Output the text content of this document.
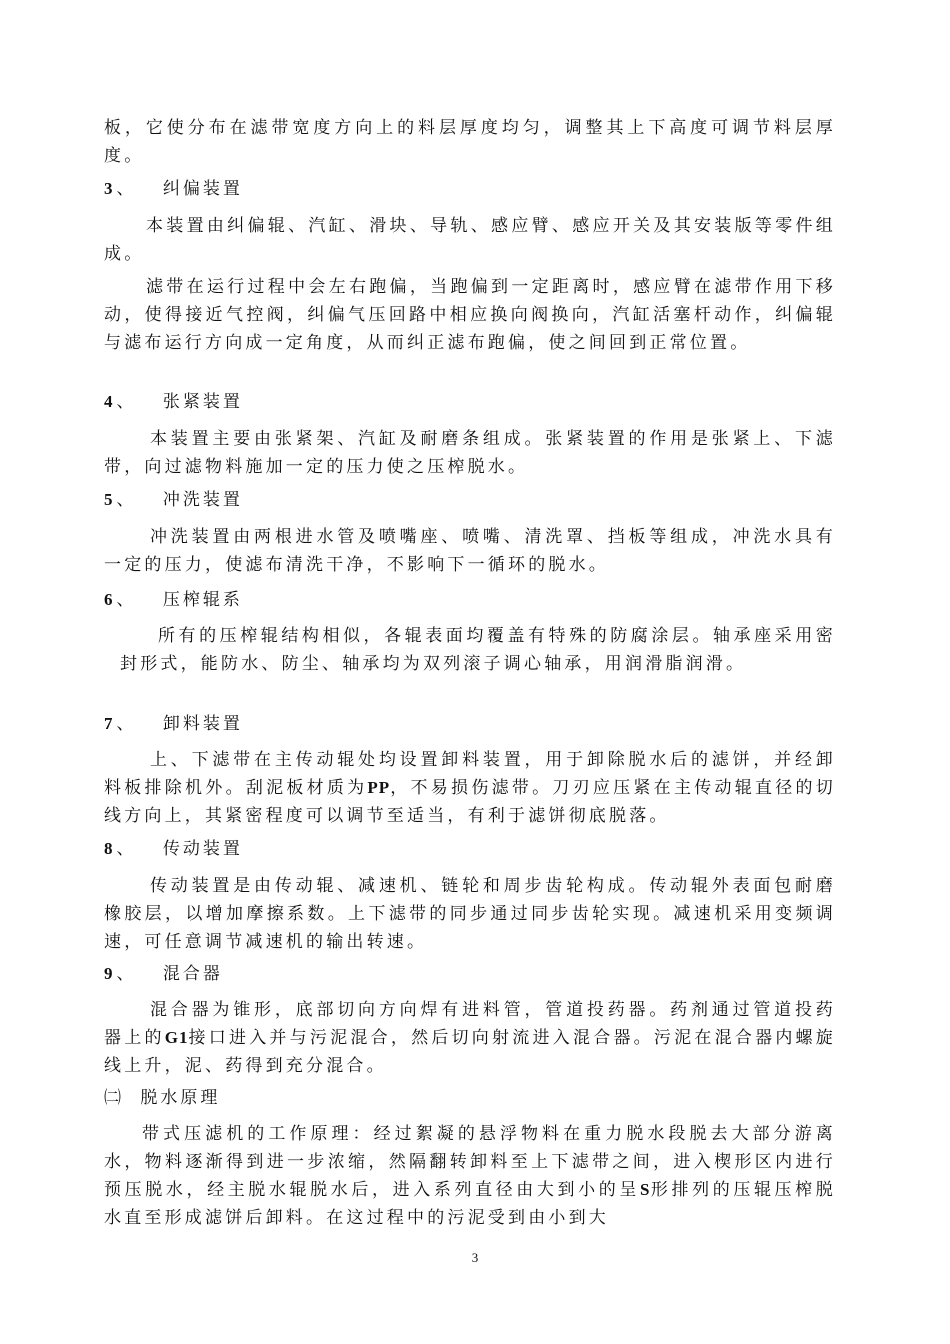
板，它使分布在滤带宽度方向上的料层厚度均匀，调整其上下高度可调节料层厚度。
3 、 纠偏装置
本装置由纠偏辊、汽缸、滑块、导轨、感应臂、感应开关及其安装版等零件组成。
滤带在运行过程中会左右跑偏，当跑偏到一定距离时，感应臂在滤带作用下移动，使得接近气控阀，纠偏气压回路中相应换向阀换向，汽缸活塞杆动作，纠偏辊与滤布运行方向成一定角度，从而纠正滤布跑偏，使之间回到正常位置。
4 、 张紧装置
本装置主要由张紧架、汽缸及耐磨条组成。张紧装置的作用是张紧上、下滤带，向过滤物料施加一定的压力使之压榨脱水。
5 、 冲洗装置
冲洗装置由两根进水管及喷嘴座、喷嘴、清洗罩、挡板等组成，冲洗水具有一定的压力，使滤布清洗干净，不影响下一循环的脱水。
6 、 压榨辊系
所有的压榨辊结构相似，各辊表面均覆盖有特殊的防腐涂层。轴承座采用密封形式，能防水、防尘、轴承均为双列滚子调心轴承，用润滑脂润滑。
7 、 卸料装置
上、下滤带在主传动辊处均设置卸料装置，用于卸除脱水后的滤饼，并经卸料板排除机外。刮泥板材质为PP，不易损伤滤带。刀刃应压紧在主传动辊直径的切线方向上，其紧密程度可以调节至适当，有利于滤饼彻底脱落。
8 、 传动装置
传动装置是由传动辊、减速机、链轮和周步齿轮构成。传动辊外表面包耐磨橡胶层，以增加摩擦系数。上下滤带的同步通过同步齿轮实现。减速机采用变频调速，可任意调节减速机的输出转速。
9 、 混合器
混合器为锥形，底部切向方向焊有进料管，管道投药器。药剂通过管道投药器上的G1接口进入并与污泥混合，然后切向射流进入混合器。污泥在混合器内螺旋线上升，泥、药得到充分混合。
㈡ 脱水原理
带式压滤机的工作原理：经过絮凝的悬浮物料在重力脱水段脱去大部分游离水，物料逐渐得到进一步浓缩，然隔翻转卸料至上下滤带之间，进入楔形区内进行预压脱水，经主脱水辊脱水后，进入系列直径由大到小的呈S形排列的压辊压榨脱水直至形成滤饼后卸料。在这过程中的污泥受到由小到大
3
